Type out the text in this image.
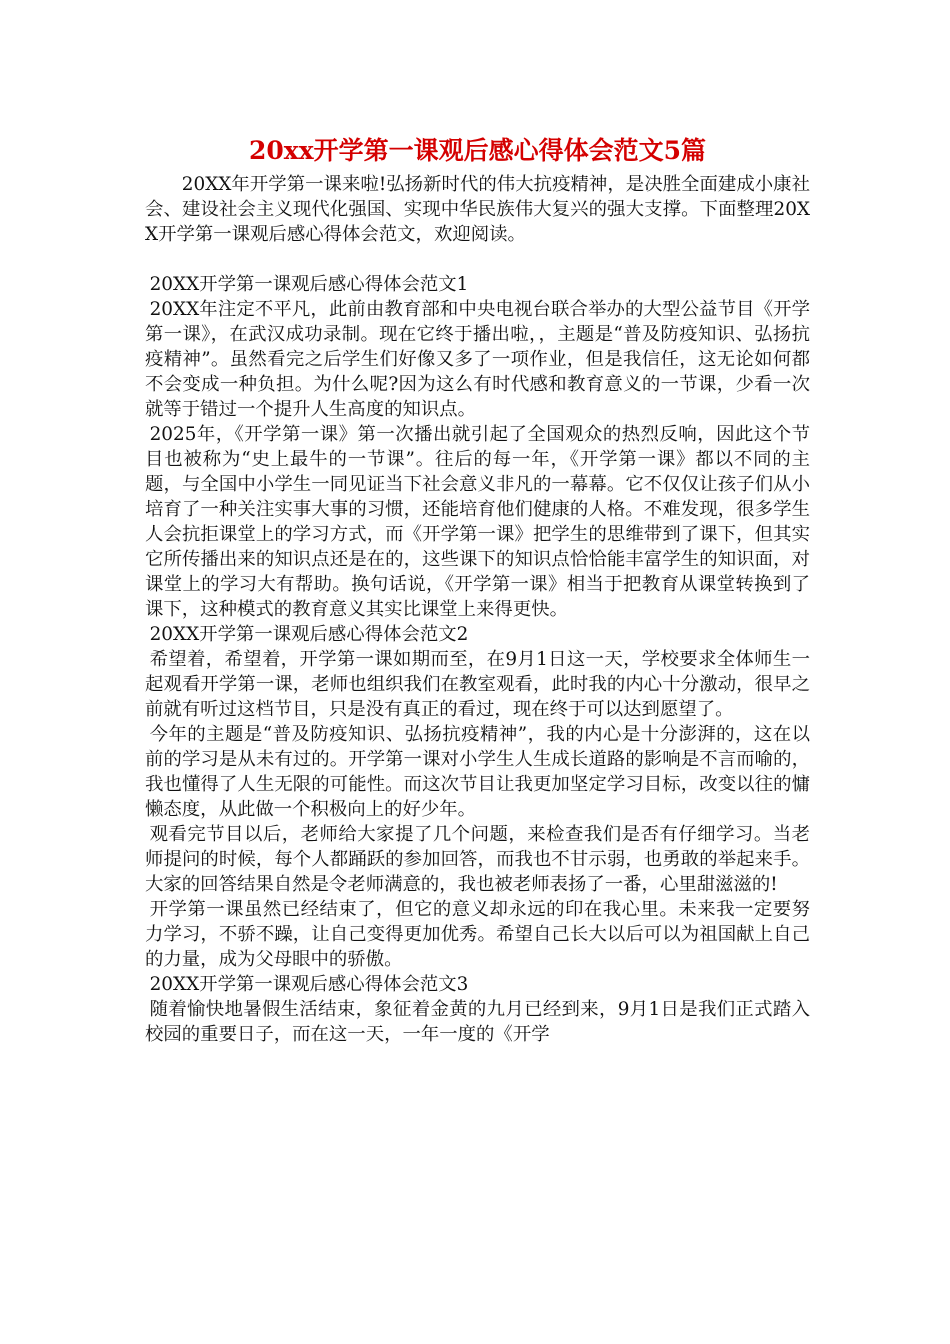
20xx开学第一课观后感心得体会范文5篇

20XX年开学第一课来啦!弘扬新时代的伟大抗疫精神，是决胜全面建成小康社会、建设社会主义现代化强国、实现中华民族伟大复兴的强大支撑。下面整理20XX开学第一课观后感心得体会范文，欢迎阅读。

20XX开学第一课观后感心得体会范文1

20XX年注定不平凡，此前由教育部和中央电视台联合举办的大型公益节目《开学第一课》，在武汉成功录制。现在它终于播出啦，，主题是“普及防疫知识、弘扬抗疫精神”。虽然看完之后学生们好像又多了一项作业，但是我信任，这无论如何都不会变成一种负担。为什么呢?因为这么有时代感和教育意义的一节课，少看一次就等于错过一个提升人生高度的知识点。

2025年，《开学第一课》第一次播出就引起了全国观众的热烈反响，因此这个节目也被称为“史上最牛的一节课”。往后的每一年，《开学第一课》都以不同的主题，与全国中小学生一同见证当下社会意义非凡的一幕幕。它不仅仅让孩子们从小培育了一种关注实事大事的习惯，还能培育他们健康的人格。不难发现，很多学生人会抗拒课堂上的学习方式，而《开学第一课》把学生的思维带到了课下，但其实它所传播出来的知识点还是在的，这些课下的知识点恰恰能丰富学生的知识面，对课堂上的学习大有帮助。换句话说，《开学第一课》相当于把教育从课堂转换到了课下，这种模式的教育意义其实比课堂上来得更快。

20XX开学第一课观后感心得体会范文2

希望着，希望着，开学第一课如期而至，在9月1日这一天，学校要求全体师生一起观看开学第一课，老师也组织我们在教室观看，此时我的内心十分激动，很早之前就有听过这档节目，只是没有真正的看过，现在终于可以达到愿望了。

今年的主题是“普及防疫知识、弘扬抗疫精神”，我的内心是十分澎湃的，这在以前的学习是从未有过的。开学第一课对小学生人生成长道路的影响是不言而喻的，我也懂得了人生无限的可能性。而这次节目让我更加坚定学习目标，改变以往的慵懒态度，从此做一个积极向上的好少年。

观看完节目以后，老师给大家提了几个问题，来检查我们是否有仔细学习。当老师提问的时候，每个人都踊跃的参加回答，而我也不甘示弱，也勇敢的举起来手。大家的回答结果自然是令老师满意的，我也被老师表扬了一番，心里甜滋滋的!

开学第一课虽然已经结束了，但它的意义却永远的印在我心里。未来我一定要努力学习，不骄不躁，让自己变得更加优秀。希望自己长大以后可以为祖国献上自己的力量，成为父母眼中的骄傲。

20XX开学第一课观后感心得体会范文3

随着愉快地暑假生活结束，象征着金黄的九月已经到来，9月1日是我们正式踏入校园的重要日子，而在这一天，一年一度的《开学
